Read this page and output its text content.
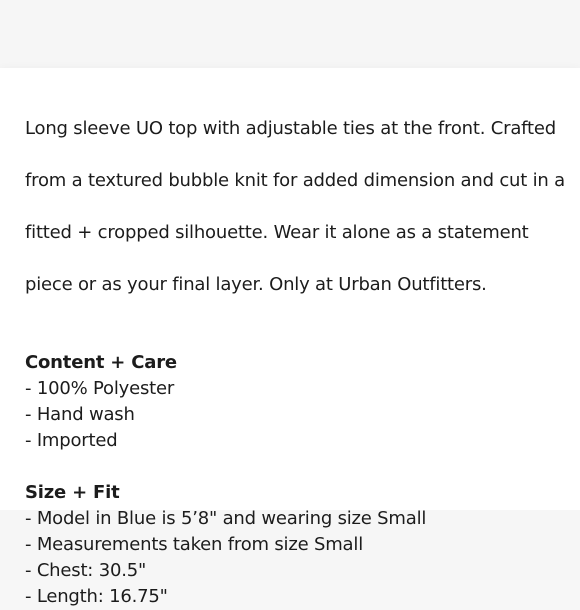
Long sleeve UO top with adjustable ties at the front. Crafted

from a textured bubble knit for added dimension and cut in a

fitted + cropped silhouette. Wear it alone as a statement

piece or as your final layer. Only at Urban Outfitters.

Content + Care
- 100% Polyester
- Hand wash
- Imported
Size + Fit
- Model in Blue is 5’8" and wearing size Small
- Measurements taken from size Small
- Chest: 30.5"
- Length: 16.75"
